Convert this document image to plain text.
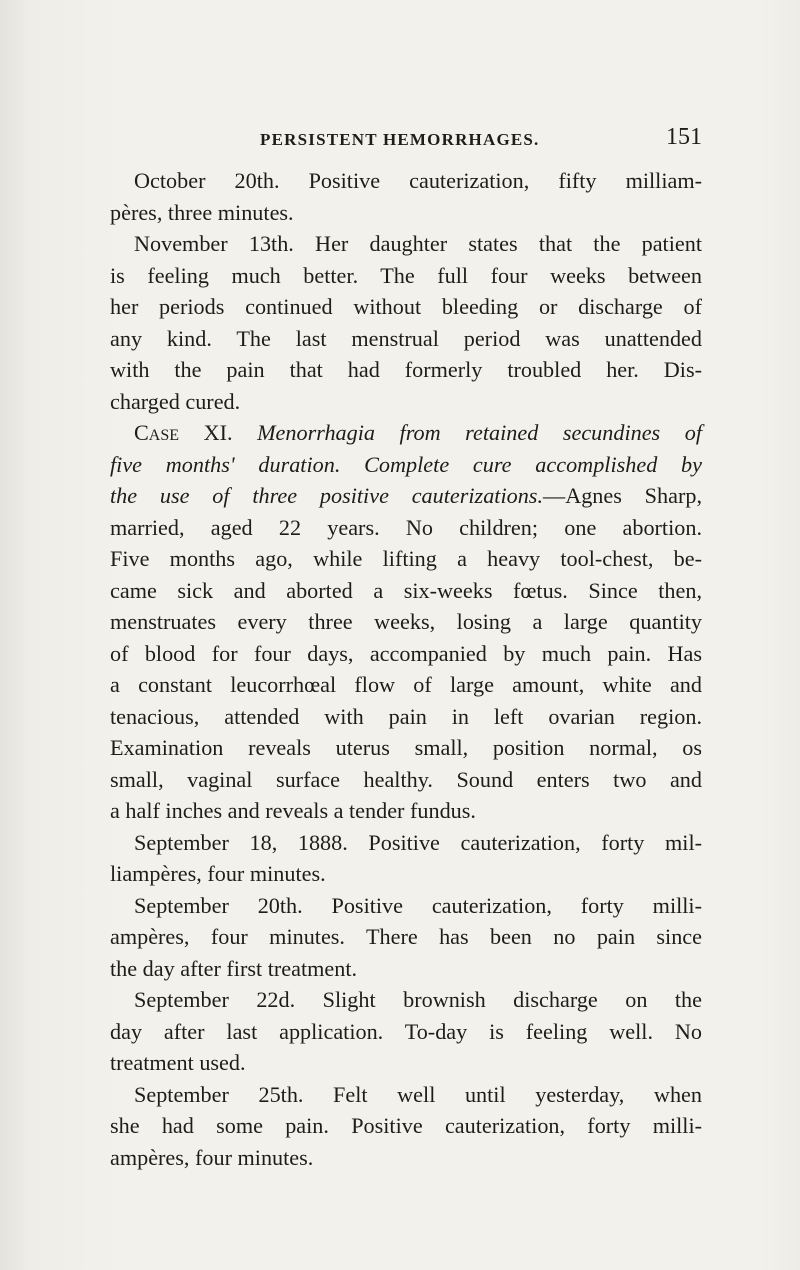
PERSISTENT HEMORRHAGES.	151
October 20th. Positive cauterization, fifty milliam-
pères, three minutes.
November 13th. Her daughter states that the patient
is feeling much better. The full four weeks between
her periods continued without bleeding or discharge of
any kind. The last menstrual period was unattended
with the pain that had formerly troubled her. Dis-
charged cured.
Case XI. Menorrhagia from retained secundines of
five months' duration. Complete cure accomplished by
the use of three positive cauterizations.—Agnes Sharp,
married, aged 22 years. No children; one abortion.
Five months ago, while lifting a heavy tool-chest, be-
came sick and aborted a six-weeks fœtus. Since then,
menstruates every three weeks, losing a large quantity
of blood for four days, accompanied by much pain. Has
a constant leucorrhœal flow of large amount, white and
tenacious, attended with pain in left ovarian region.
Examination reveals uterus small, position normal, os
small, vaginal surface healthy. Sound enters two and
a half inches and reveals a tender fundus.
September 18, 1888. Positive cauterization, forty mil-
liampères, four minutes.
September 20th. Positive cauterization, forty milli-
ampères, four minutes. There has been no pain since
the day after first treatment.
September 22d. Slight brownish discharge on the
day after last application. To-day is feeling well. No
treatment used.
September 25th. Felt well until yesterday, when
she had some pain. Positive cauterization, forty milli-
ampères, four minutes.
